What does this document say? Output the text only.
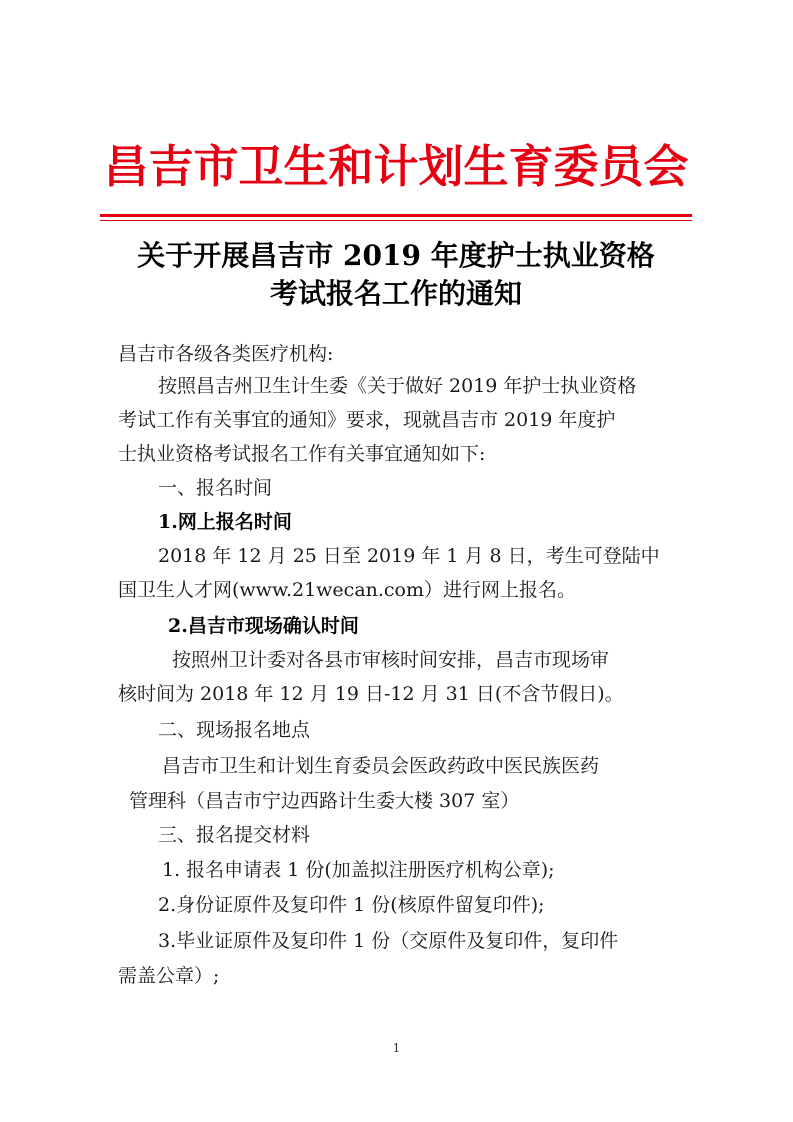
昌吉市卫生和计划生育委员会
关于开展昌吉市 2019 年度护士执业资格
考试报名工作的通知
昌吉市各级各类医疗机构:
按照昌吉州卫生计生委《关于做好 2019 年护士执业资格
考试工作有关事宜的通知》要求，现就昌吉市 2019 年度护
士执业资格考试报名工作有关事宜通知如下:
一、报名时间
1.网上报名时间
2018 年 12 月 25 日至 2019 年 1 月 8 日，考生可登陆中
国卫生人才网(www.21wecan.com）进行网上报名。
2.昌吉市现场确认时间
按照州卫计委对各县市审核时间安排，昌吉市现场审
核时间为 2018 年 12 月 19 日-12 月 31 日(不含节假日)。
二、现场报名地点
昌吉市卫生和计划生育委员会医政药政中医民族医药
管理科（昌吉市宁边西路计生委大楼 307 室）
三、报名提交材料
1. 报名申请表 1 份(加盖拟注册医疗机构公章);
2.身份证原件及复印件 1 份(核原件留复印件);
3.毕业证原件及复印件 1 份（交原件及复印件，复印件
需盖公章）;
1
